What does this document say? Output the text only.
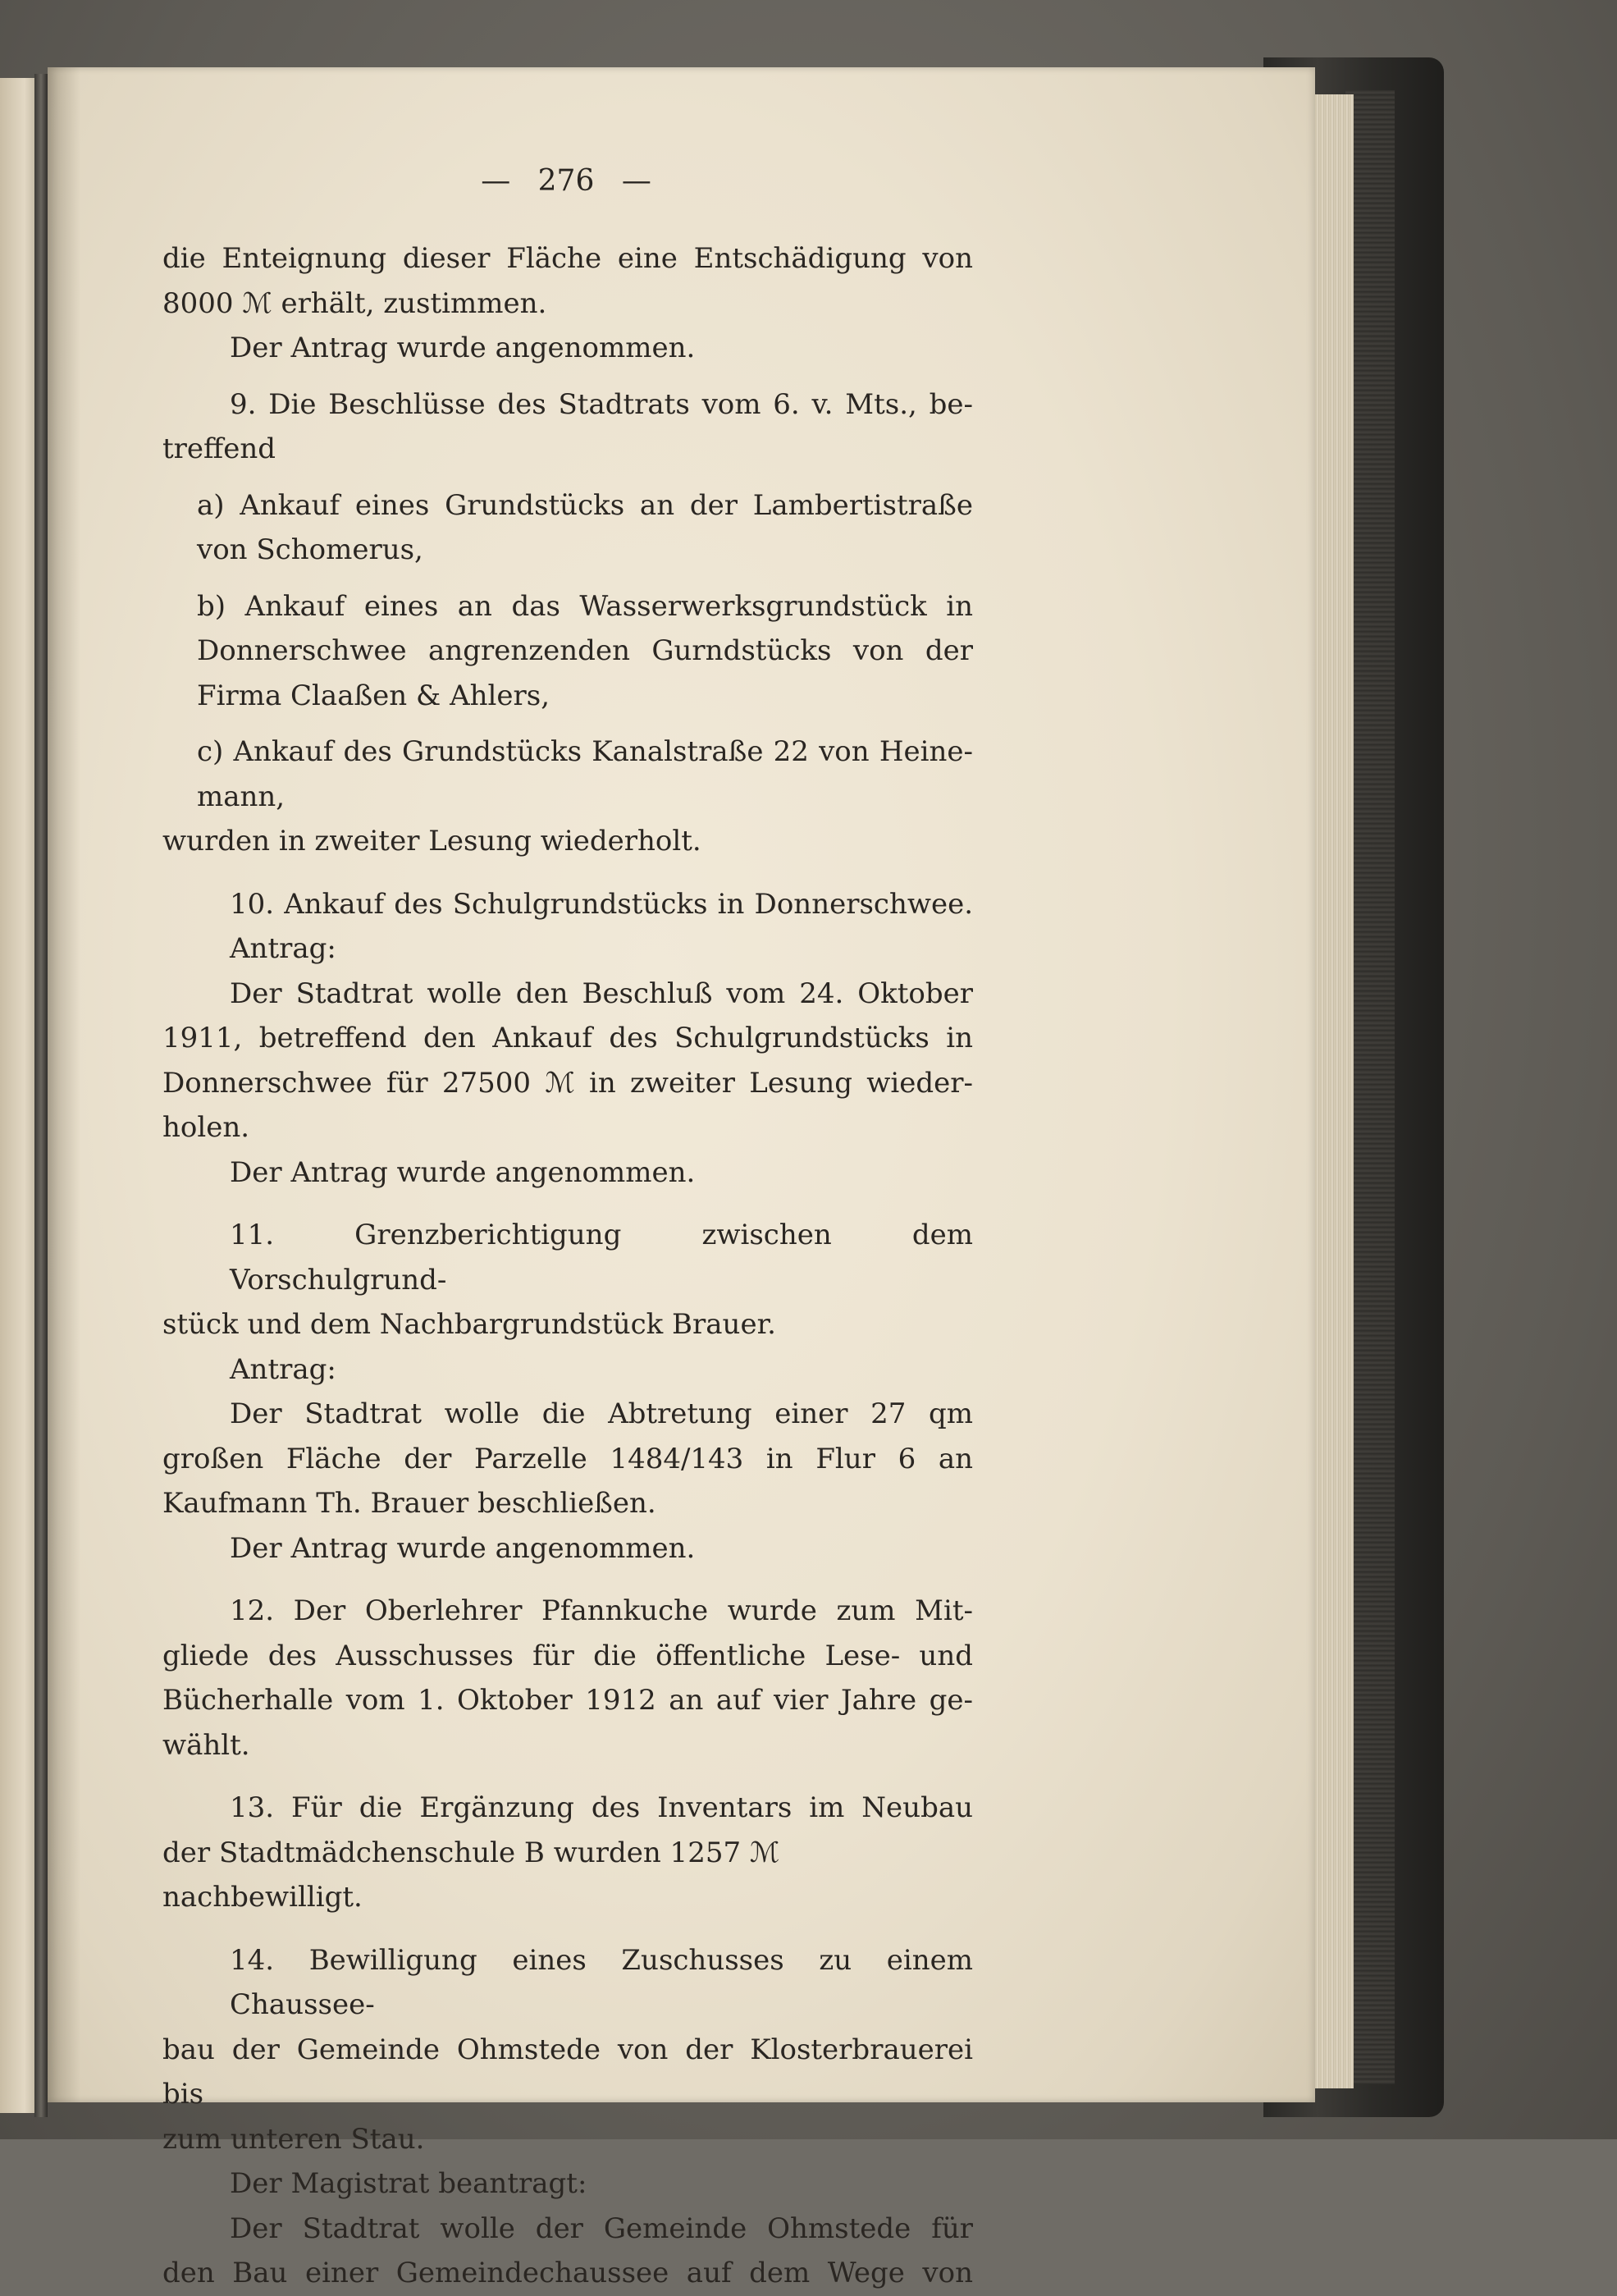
— 276 —

die Enteignung dieser Fläche eine Entschädigung von

8000 ℳ erhält, zustimmen.

Der Antrag wurde angenommen.

9. Die Beschlüsse des Stadtrats vom 6. v. Mts., be-

treffend

a) Ankauf eines Grundstücks an der Lambertistraße

von Schomerus,

b) Ankauf eines an das Wasserwerksgrundstück in

Donnerschwee angrenzenden Gurndstücks von der

Firma Claaßen & Ahlers,

c) Ankauf des Grundstücks Kanalstraße 22 von Heine-

mann,

wurden in zweiter Lesung wiederholt.

10. Ankauf des Schulgrundstücks in Donnerschwee.

Antrag:

Der Stadtrat wolle den Beschluß vom 24. Oktober

1911, betreffend den Ankauf des Schulgrundstücks in

Donnerschwee für 27500 ℳ in zweiter Lesung wieder-

holen.

Der Antrag wurde angenommen.

11. Grenzberichtigung zwischen dem Vorschulgrund-

stück und dem Nachbargrundstück Brauer.

Antrag:

Der Stadtrat wolle die Abtretung einer 27 qm

großen Fläche der Parzelle 1484/143 in Flur 6 an

Kaufmann Th. Brauer beschließen.

Der Antrag wurde angenommen.

12. Der Oberlehrer Pfannkuche wurde zum Mit-

gliede des Ausschusses für die öffentliche Lese- und

Bücherhalle vom 1. Oktober 1912 an auf vier Jahre ge-

wählt.

13. Für die Ergänzung des Inventars im Neubau

der Stadtmädchenschule B wurden 1257 ℳ nachbewilligt.

14. Bewilligung eines Zuschusses zu einem Chaussee-

bau der Gemeinde Ohmstede von der Klosterbrauerei bis

zum unteren Stau.

Der Magistrat beantragt:

Der Stadtrat wolle der Gemeinde Ohmstede für

den Bau einer Gemeindechaussee auf dem Wege von
